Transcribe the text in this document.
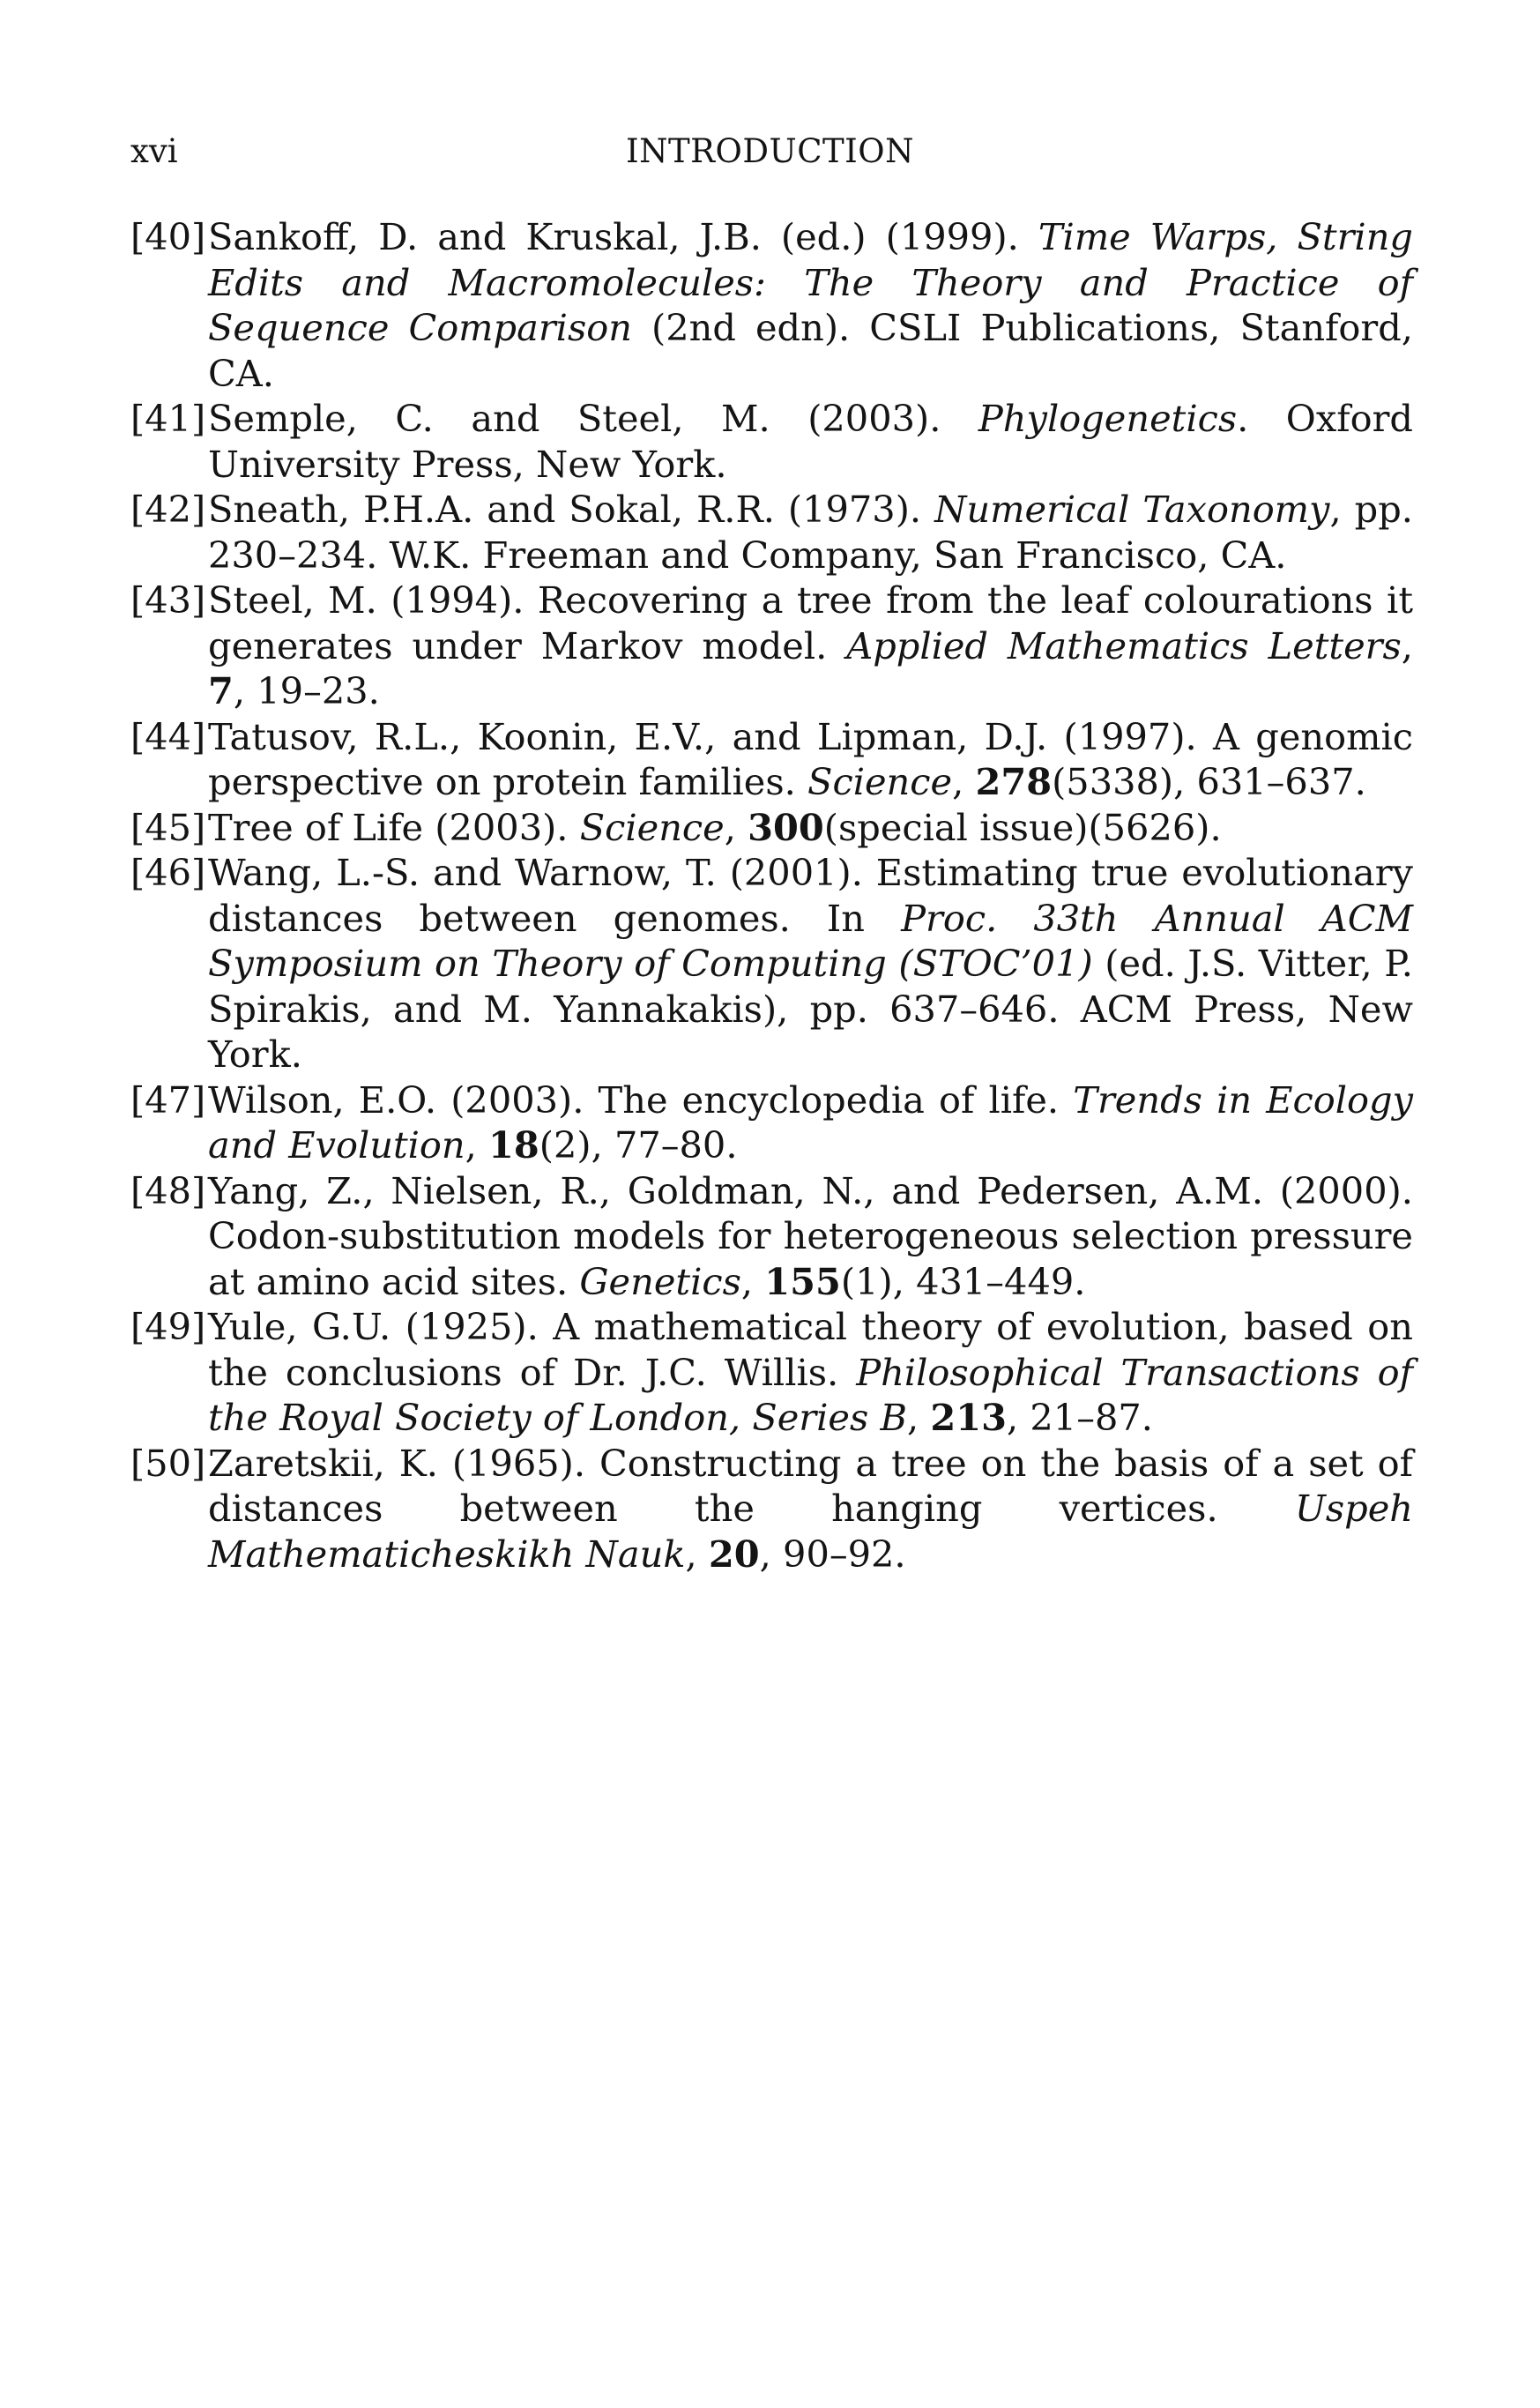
xvi	INTRODUCTION
[40] Sankoff, D. and Kruskal, J.B. (ed.) (1999). Time Warps, String Edits and Macromolecules: The Theory and Practice of Sequence Comparison (2nd edn). CSLI Publications, Stanford, CA.
[41] Semple, C. and Steel, M. (2003). Phylogenetics. Oxford University Press, New York.
[42] Sneath, P.H.A. and Sokal, R.R. (1973). Numerical Taxonomy, pp. 230–234. W.K. Freeman and Company, San Francisco, CA.
[43] Steel, M. (1994). Recovering a tree from the leaf colourations it generates under Markov model. Applied Mathematics Letters, 7, 19–23.
[44] Tatusov, R.L., Koonin, E.V., and Lipman, D.J. (1997). A genomic perspective on protein families. Science, 278(5338), 631–637.
[45] Tree of Life (2003). Science, 300(special issue)(5626).
[46] Wang, L.-S. and Warnow, T. (2001). Estimating true evolutionary distances between genomes. In Proc. 33th Annual ACM Symposium on Theory of Computing (STOC’01) (ed. J.S. Vitter, P. Spirakis, and M. Yannakakis), pp. 637–646. ACM Press, New York.
[47] Wilson, E.O. (2003). The encyclopedia of life. Trends in Ecology and Evolution, 18(2), 77–80.
[48] Yang, Z., Nielsen, R., Goldman, N., and Pedersen, A.M. (2000). Codon-substitution models for heterogeneous selection pressure at amino acid sites. Genetics, 155(1), 431–449.
[49] Yule, G.U. (1925). A mathematical theory of evolution, based on the conclusions of Dr. J.C. Willis. Philosophical Transactions of the Royal Society of London, Series B, 213, 21–87.
[50] Zaretskii, K. (1965). Constructing a tree on the basis of a set of distances between the hanging vertices. Uspeh Mathematicheskikh Nauk, 20, 90–92.
